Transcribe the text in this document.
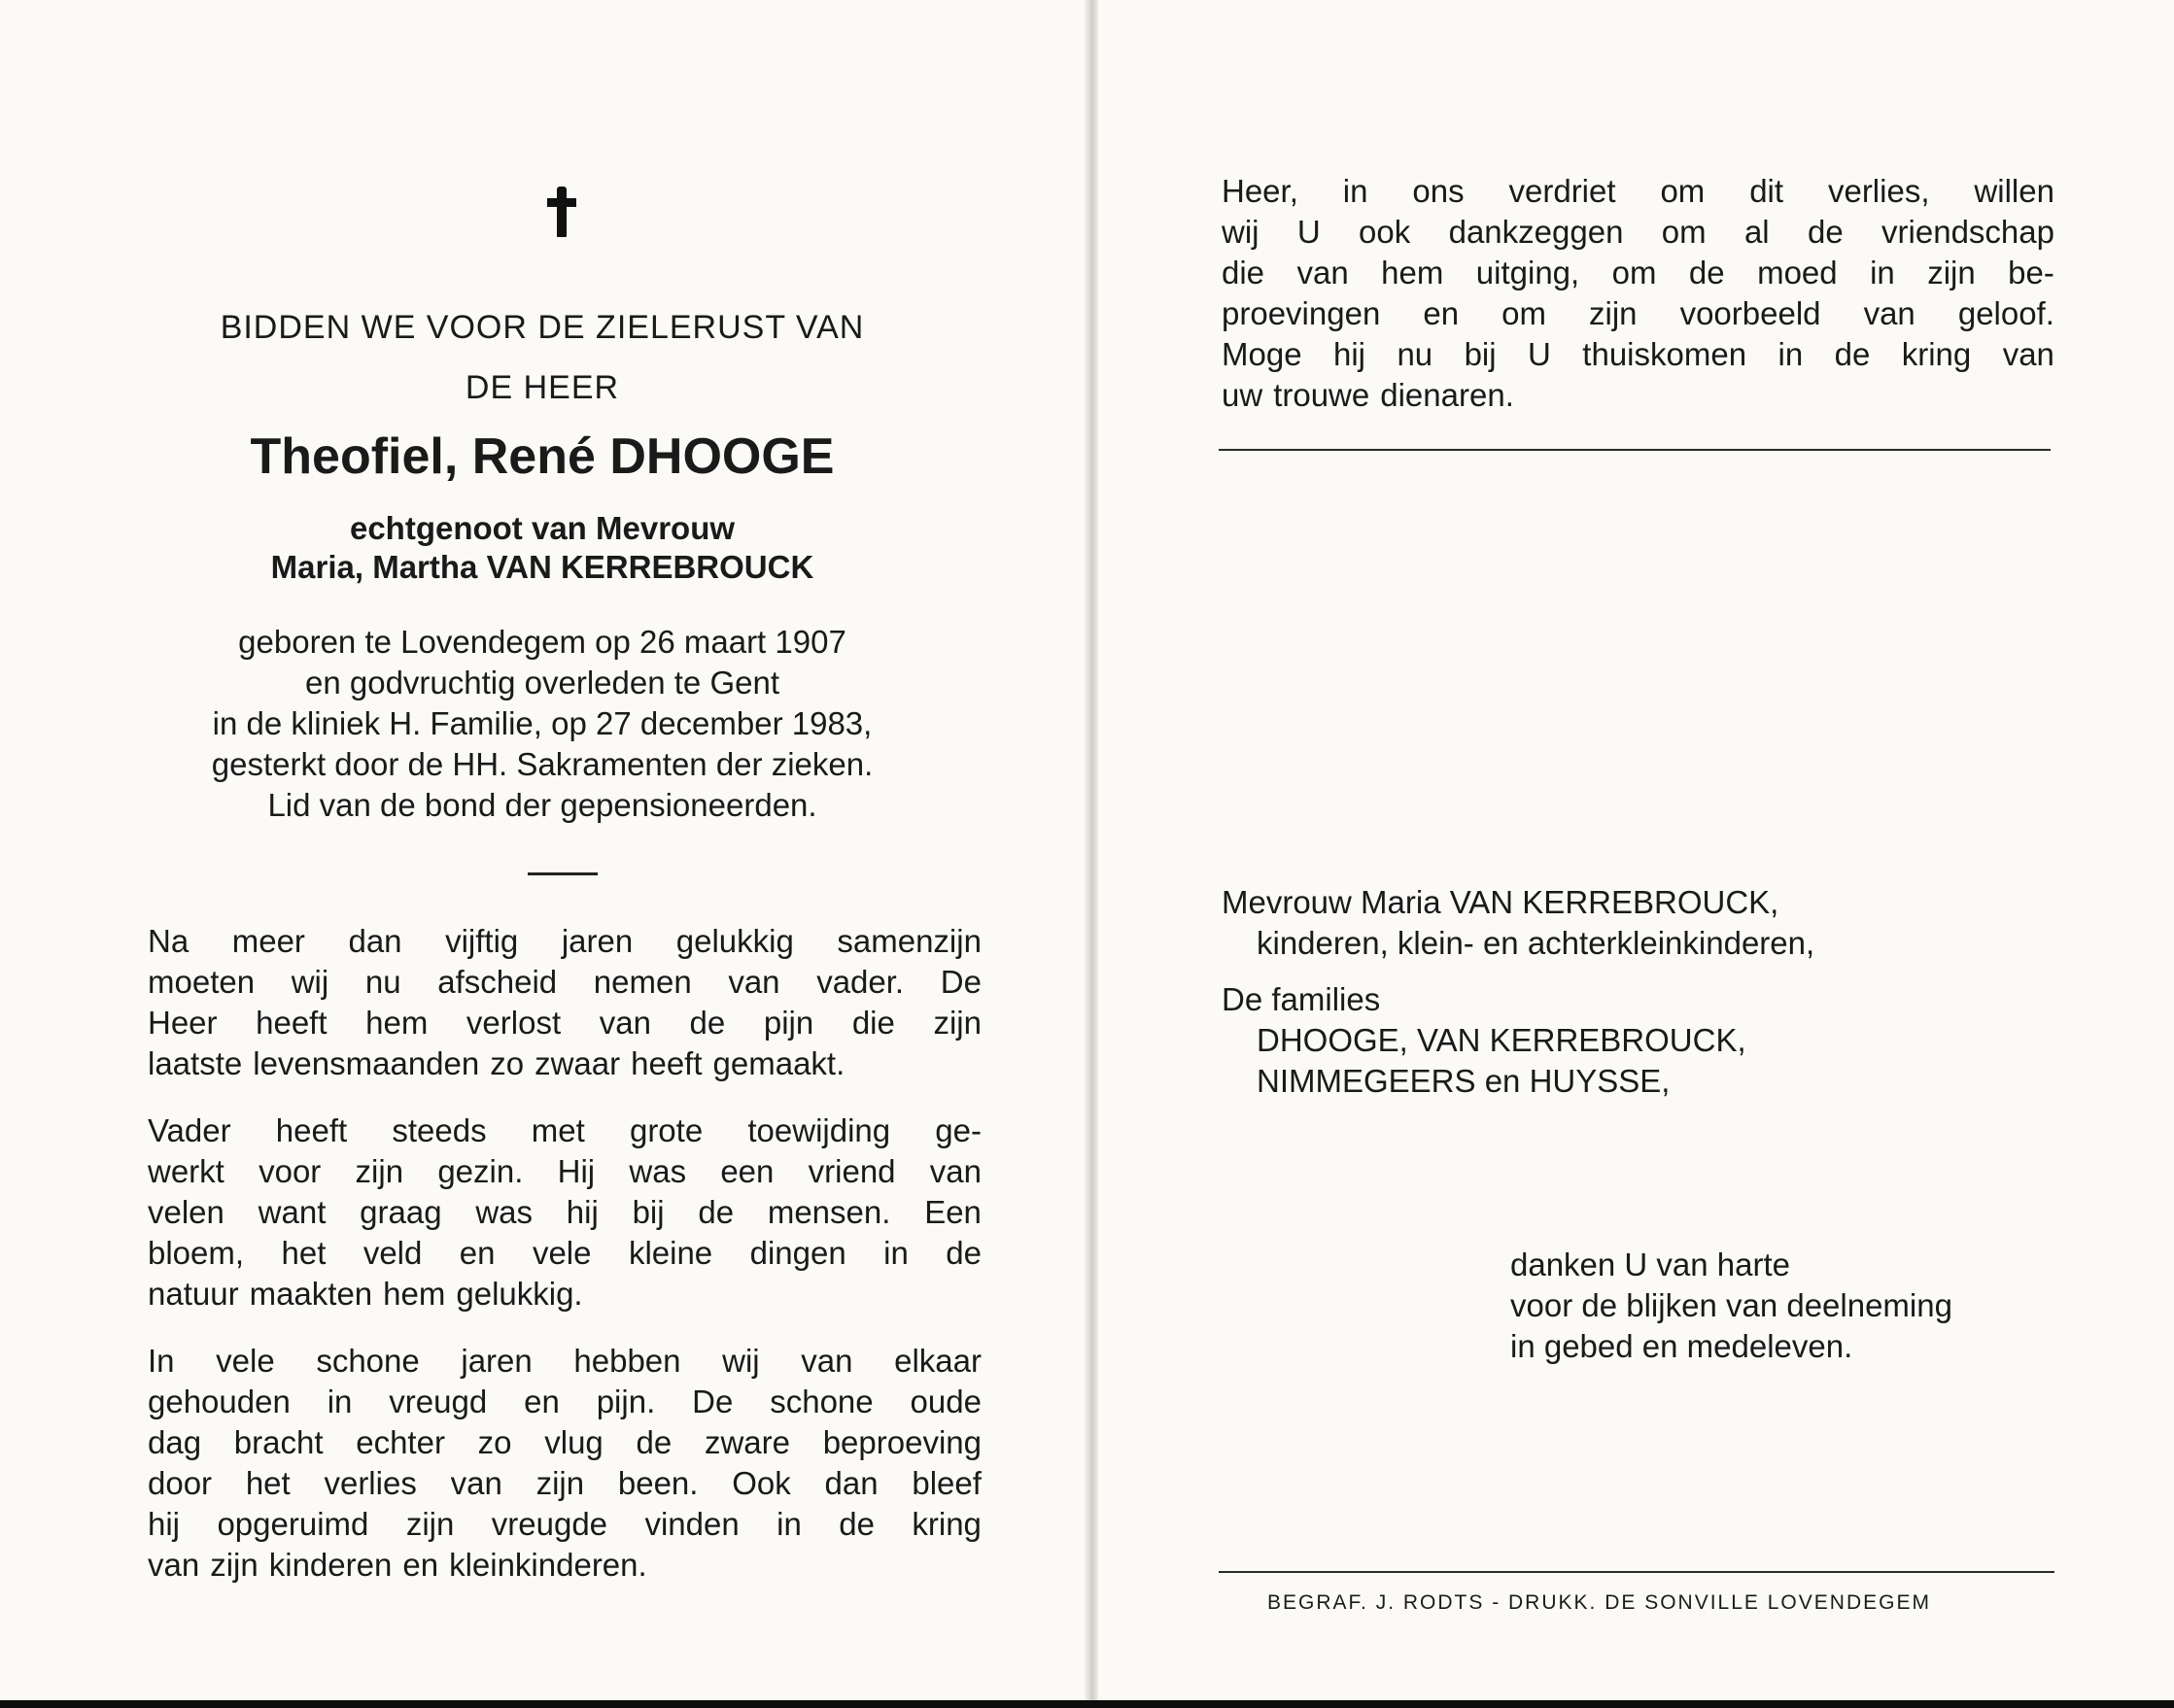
BIDDEN WE VOOR DE ZIELERUST VAN
DE HEER
Theofiel, René DHOOGE
echtgenoot van Mevrouw
Maria, Martha VAN KERREBROUCK
geboren te Lovendegem op 26 maart 1907
en godvruchtig overleden te Gent
in de kliniek H. Familie, op 27 december 1983,
gesterkt door de HH. Sakramenten der zieken.
Lid van de bond der gepensioneerden.
Na meer dan vijftig jaren gelukkig samenzijn
moeten wij nu afscheid nemen van vader. De
Heer heeft hem verlost van de pijn die zijn
laatste levensmaanden zo zwaar heeft gemaakt.
Vader heeft steeds met grote toewijding ge-
werkt voor zijn gezin. Hij was een vriend van
velen want graag was hij bij de mensen. Een
bloem, het veld en vele kleine dingen in de
natuur maakten hem gelukkig.
In vele schone jaren hebben wij van elkaar
gehouden in vreugd en pijn. De schone oude
dag bracht echter zo vlug de zware beproeving
door het verlies van zijn been. Ook dan bleef
hij opgeruimd zijn vreugde vinden in de kring
van zijn kinderen en kleinkinderen.
Heer, in ons verdriet om dit verlies, willen
wij U ook dankzeggen om al de vriendschap
die van hem uitging, om de moed in zijn be-
proevingen en om zijn voorbeeld van geloof.
Moge hij nu bij U thuiskomen in de kring van
uw trouwe dienaren.
Mevrouw Maria VAN KERREBROUCK,
kinderen, klein- en achterkleinkinderen,
De families
DHOOGE, VAN KERREBROUCK,
NIMMEGEERS en HUYSSE,
danken U van harte
voor de blijken van deelneming
in gebed en medeleven.
BEGRAF. J. RODTS - DRUKK. DE SONVILLE LOVENDEGEM
